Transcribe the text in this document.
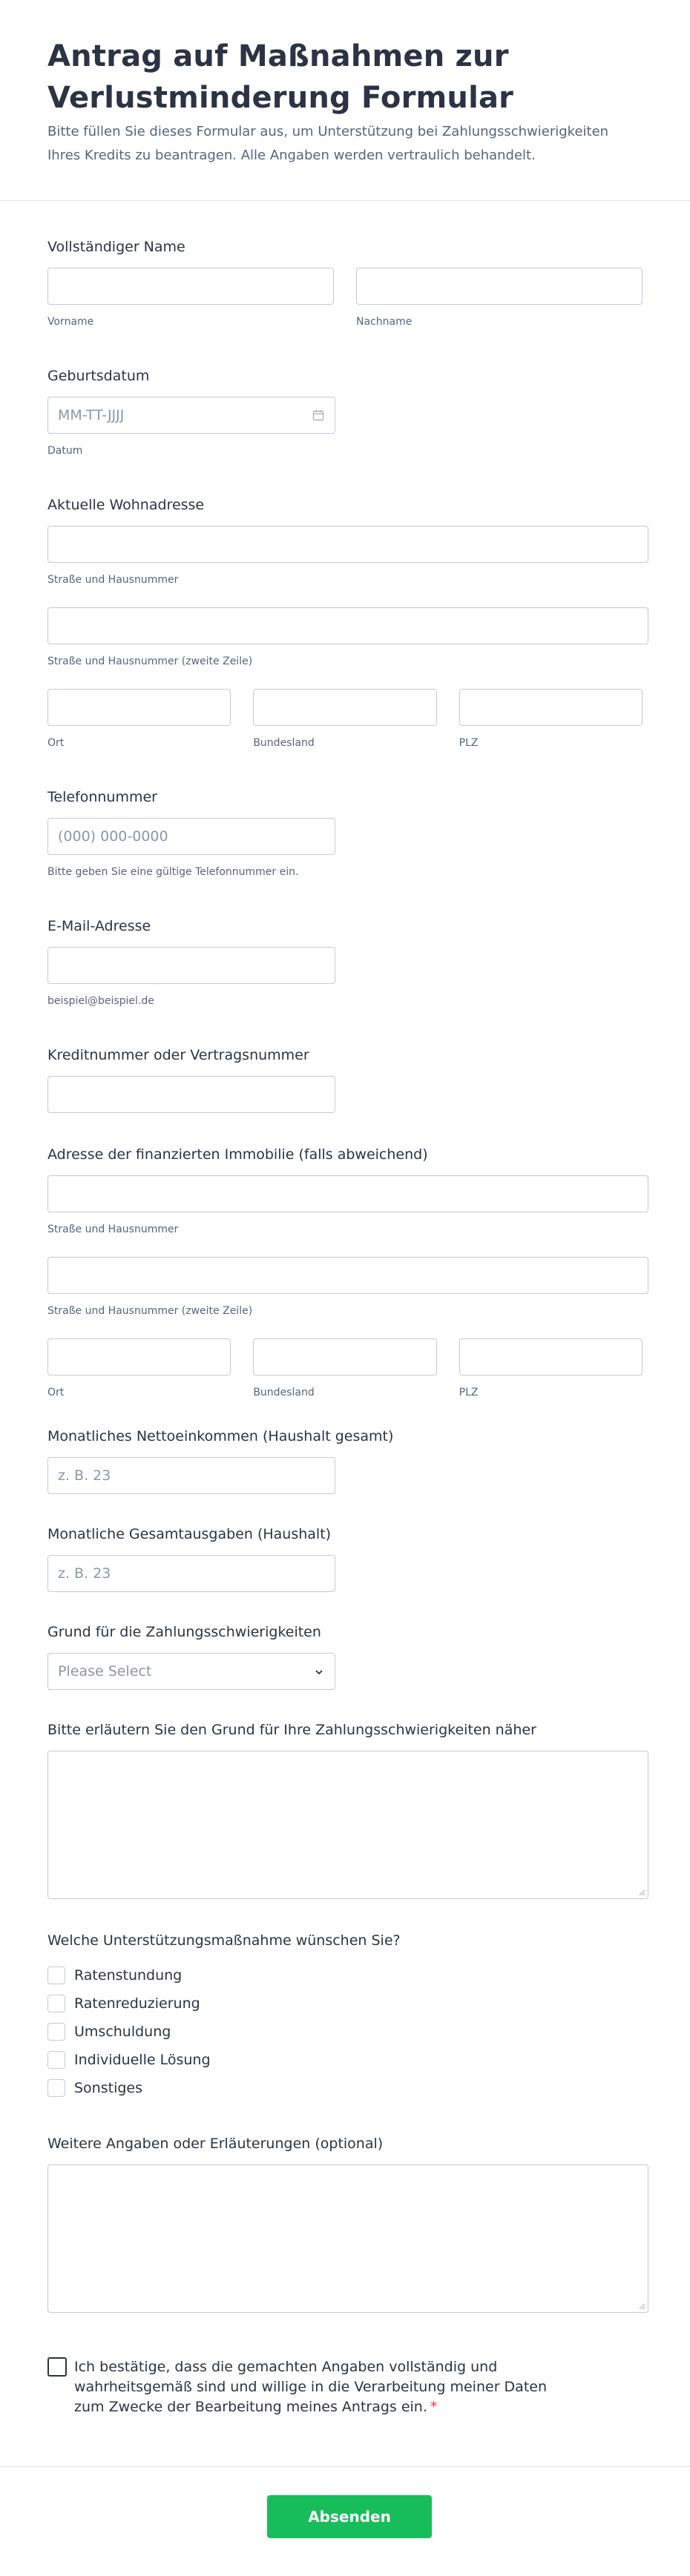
Antrag auf Maßnahmen zur Verlustminderung Formular

Bitte füllen Sie dieses Formular aus, um Unterstützung bei Zahlungsschwierigkeiten Ihres Kredits zu beantragen. Alle Angaben werden vertraulich behandelt.

Vollständiger Name
Vorname	Nachname
Geburtsdatum
MM-TT-JJJJ
Datum
Aktuelle Wohnadresse
Straße und Hausnummer
Straße und Hausnummer (zweite Zeile)
Ort	Bundesland	PLZ
Telefonnummer
(000) 000-0000
Bitte geben Sie eine gültige Telefonnummer ein.
E-Mail-Adresse
beispiel@beispiel.de
Kreditnummer oder Vertragsnummer
Adresse der finanzierten Immobilie (falls abweichend)
Straße und Hausnummer
Straße und Hausnummer (zweite Zeile)
Ort	Bundesland	PLZ
Monatliches Nettoeinkommen (Haushalt gesamt)
z. B. 23
Monatliche Gesamtausgaben (Haushalt)
z. B. 23
Grund für die Zahlungsschwierigkeiten
Please Select
Bitte erläutern Sie den Grund für Ihre Zahlungsschwierigkeiten näher
Welche Unterstützungsmaßnahme wünschen Sie?
Ratenstundung
Ratenreduzierung
Umschuldung
Individuelle Lösung
Sonstiges
Weitere Angaben oder Erläuterungen (optional)
Ich bestätige, dass die gemachten Angaben vollständig und wahrheitsgemäß sind und willige in die Verarbeitung meiner Daten zum Zwecke der Bearbeitung meines Antrags ein. *
Absenden
